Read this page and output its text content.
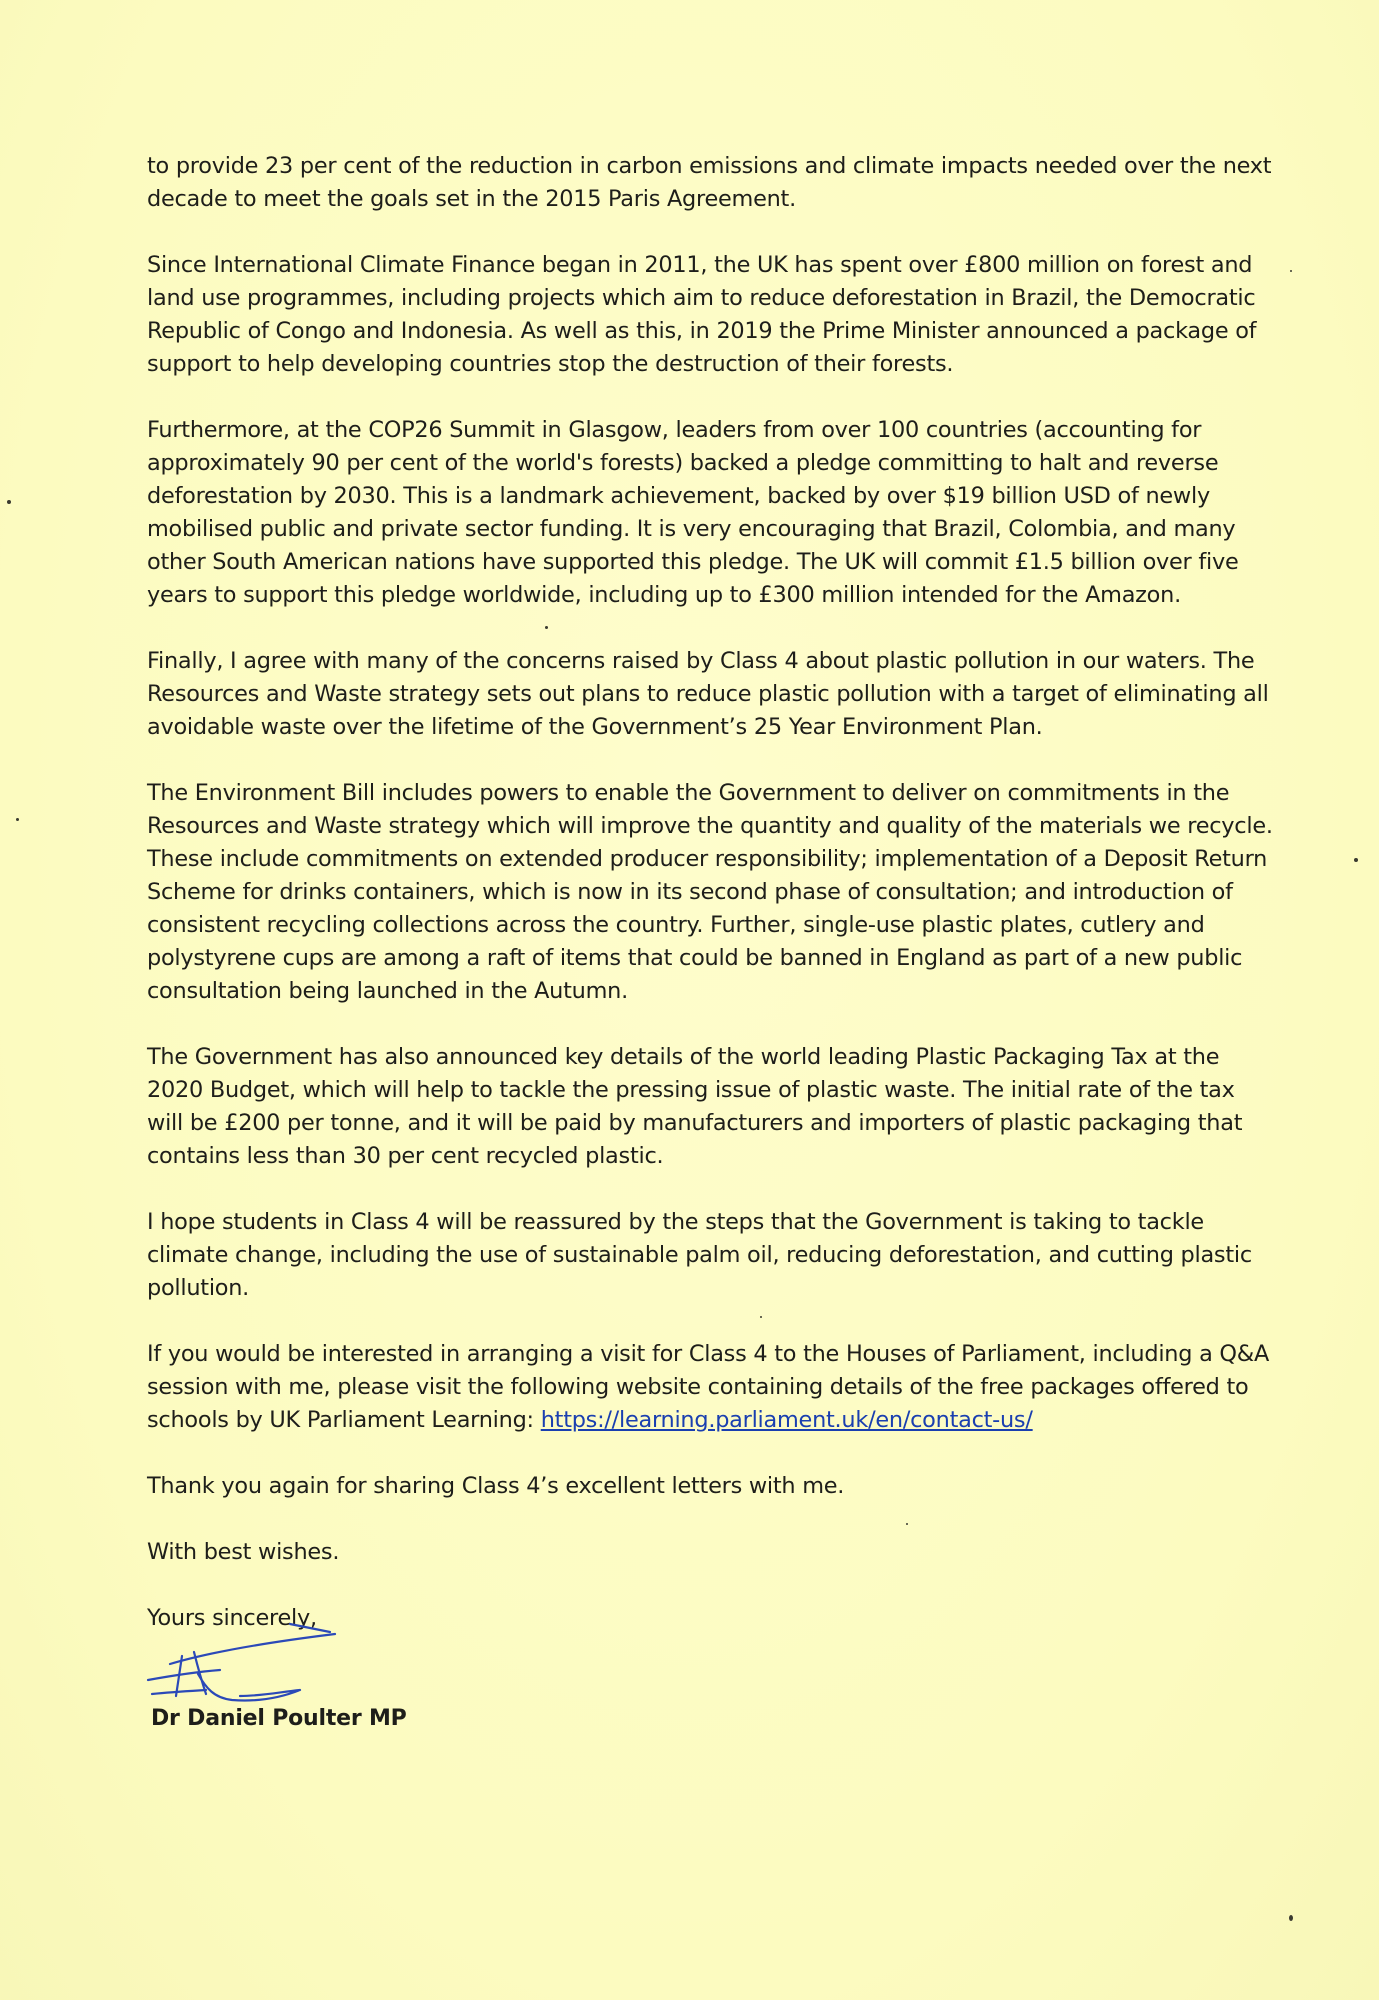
to provide 23 per cent of the reduction in carbon emissions and climate impacts needed over the next decade to meet the goals set in the 2015 Paris Agreement.

Since International Climate Finance began in 2011, the UK has spent over £800 million on forest and land use programmes, including projects which aim to reduce deforestation in Brazil, the Democratic Republic of Congo and Indonesia. As well as this, in 2019 the Prime Minister announced a package of support to help developing countries stop the destruction of their forests.

Furthermore, at the COP26 Summit in Glasgow, leaders from over 100 countries (accounting for approximately 90 per cent of the world's forests) backed a pledge committing to halt and reverse deforestation by 2030. This is a landmark achievement, backed by over $19 billion USD of newly mobilised public and private sector funding. It is very encouraging that Brazil, Colombia, and many other South American nations have supported this pledge. The UK will commit £1.5 billion over five years to support this pledge worldwide, including up to £300 million intended for the Amazon.

Finally, I agree with many of the concerns raised by Class 4 about plastic pollution in our waters. The Resources and Waste strategy sets out plans to reduce plastic pollution with a target of eliminating all avoidable waste over the lifetime of the Government’s 25 Year Environment Plan.

The Environment Bill includes powers to enable the Government to deliver on commitments in the Resources and Waste strategy which will improve the quantity and quality of the materials we recycle. These include commitments on extended producer responsibility; implementation of a Deposit Return Scheme for drinks containers, which is now in its second phase of consultation; and introduction of consistent recycling collections across the country. Further, single-use plastic plates, cutlery and polystyrene cups are among a raft of items that could be banned in England as part of a new public consultation being launched in the Autumn.

The Government has also announced key details of the world leading Plastic Packaging Tax at the 2020 Budget, which will help to tackle the pressing issue of plastic waste. The initial rate of the tax will be £200 per tonne, and it will be paid by manufacturers and importers of plastic packaging that contains less than 30 per cent recycled plastic.

I hope students in Class 4 will be reassured by the steps that the Government is taking to tackle climate change, including the use of sustainable palm oil, reducing deforestation, and cutting plastic pollution.

If you would be interested in arranging a visit for Class 4 to the Houses of Parliament, including a Q&A session with me, please visit the following website containing details of the free packages offered to schools by UK Parliament Learning: https://learning.parliament.uk/en/contact-us/

Thank you again for sharing Class 4’s excellent letters with me.

With best wishes.

Yours sincerely,

Dr Daniel Poulter MP
